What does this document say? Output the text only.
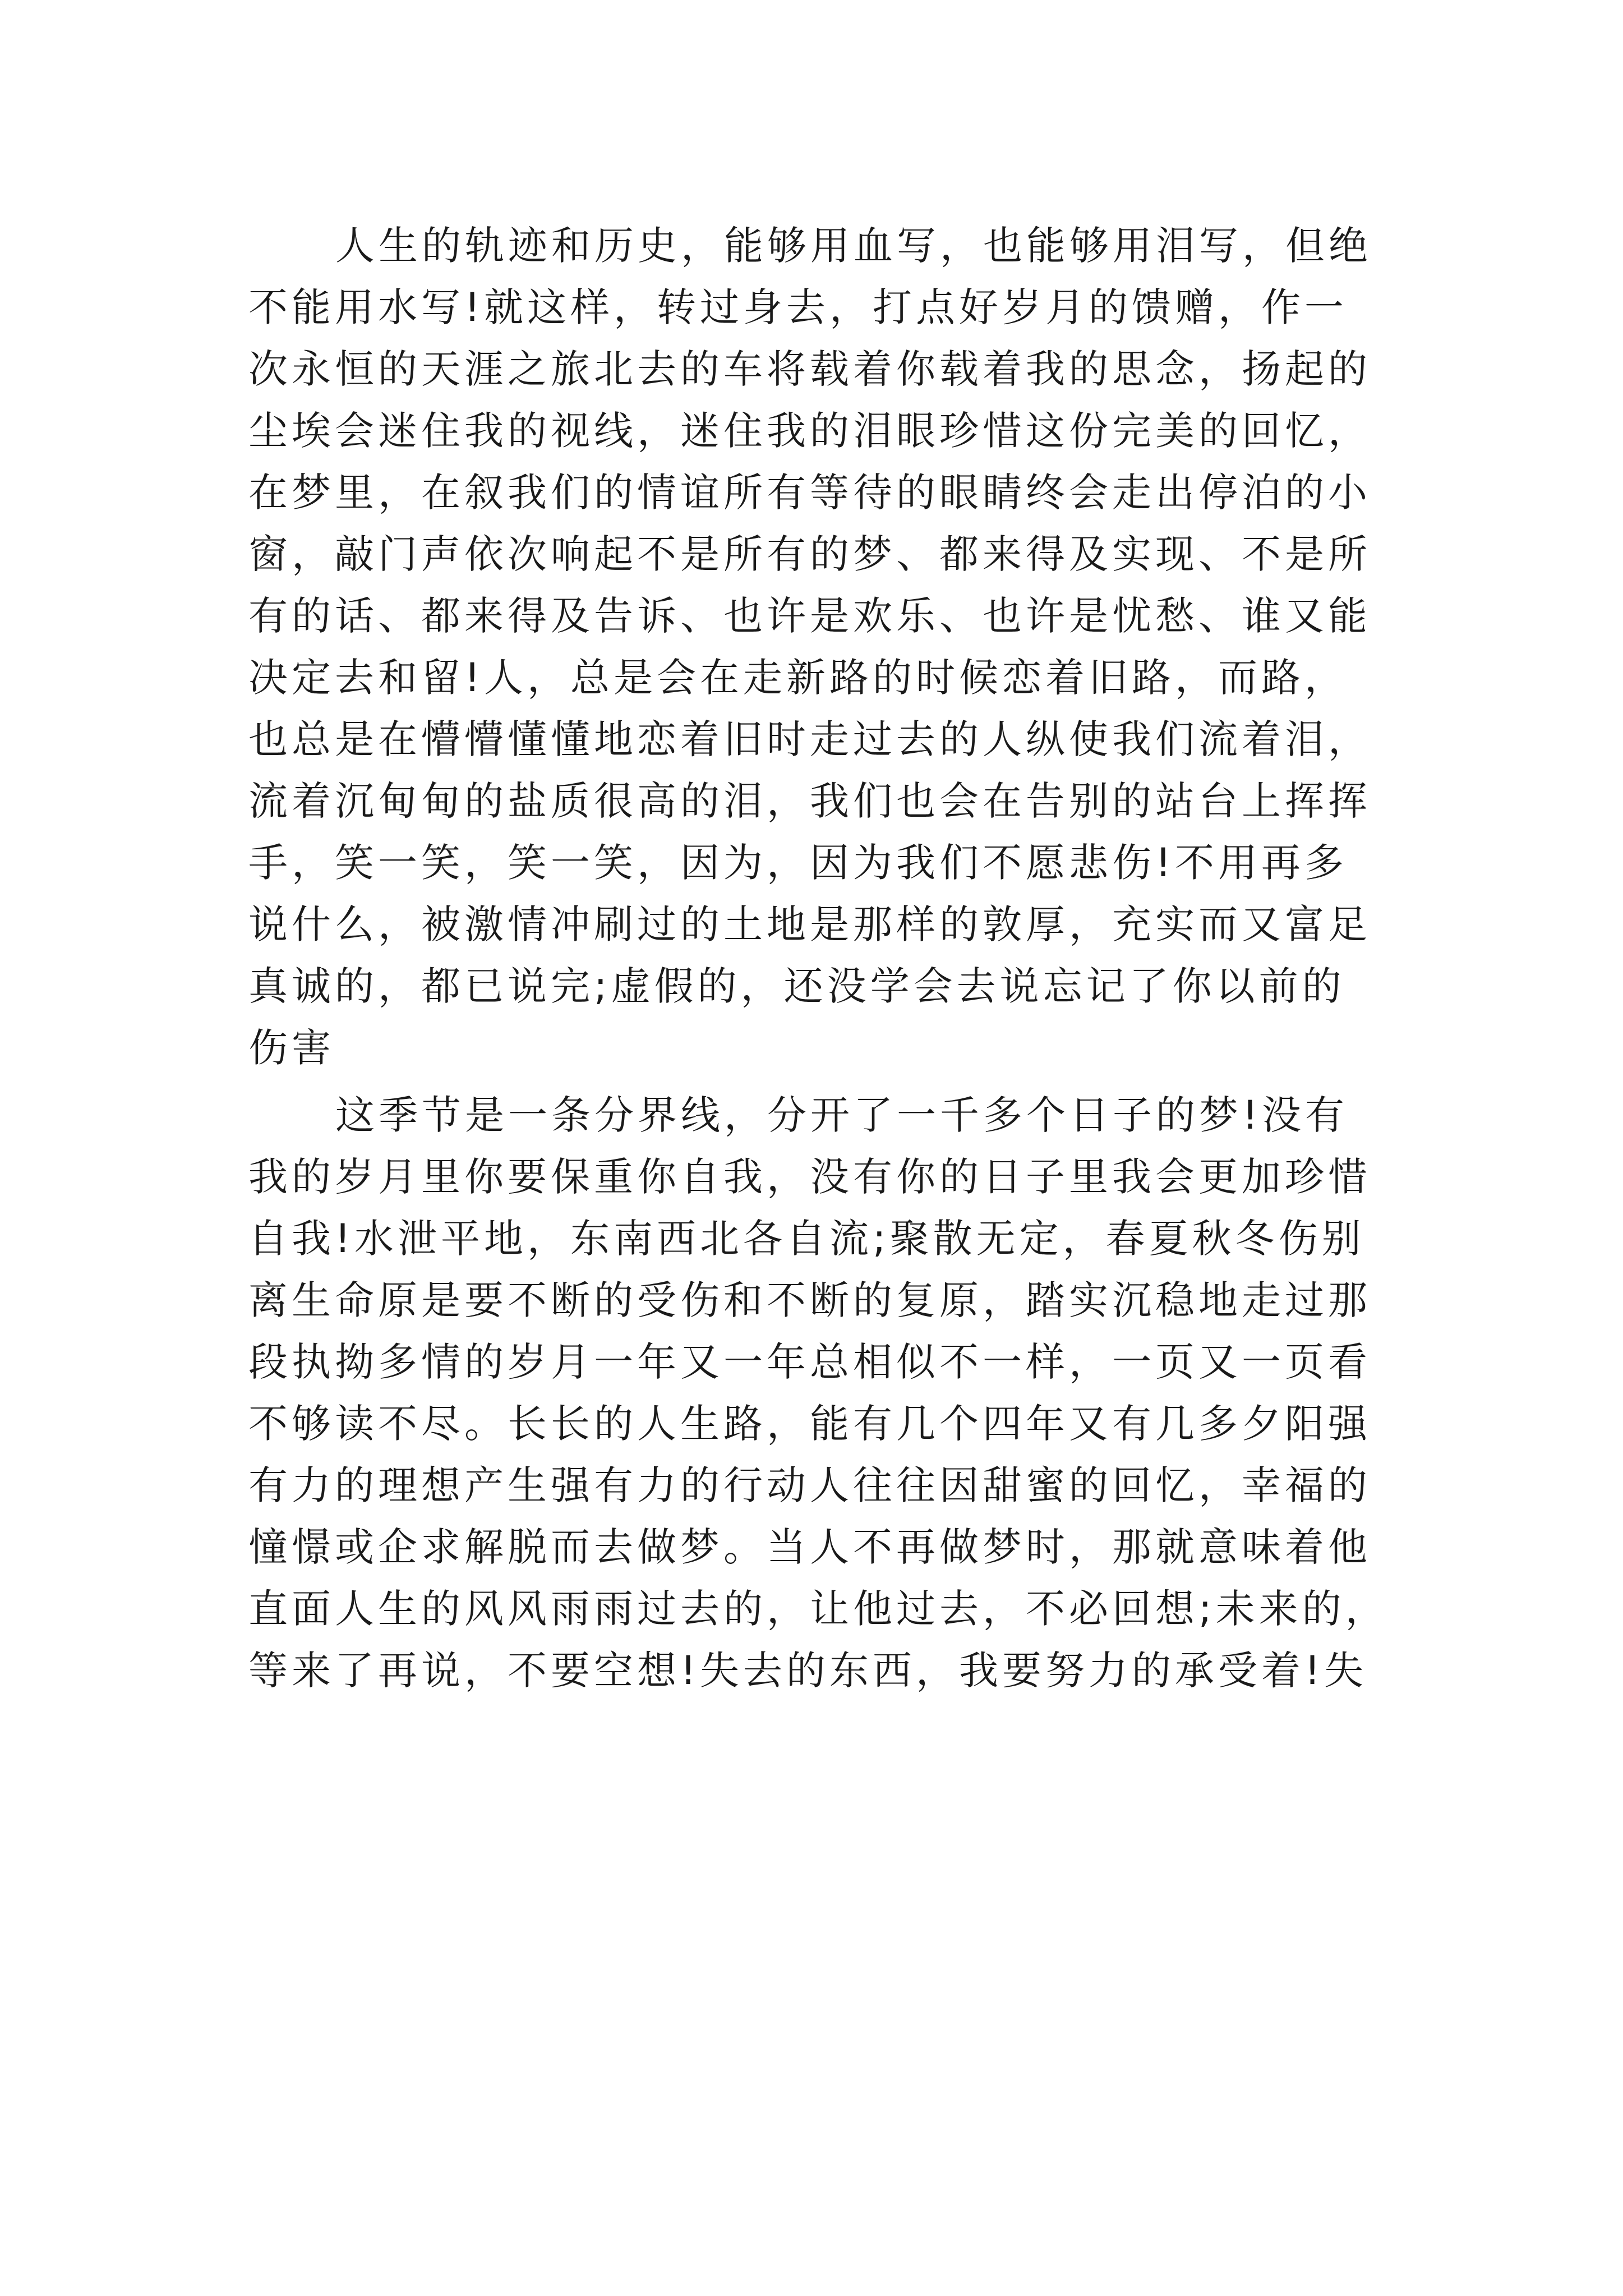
人生的轨迹和历史，能够用血写，也能够用泪写，但绝
不能用水写!就这样，转过身去，打点好岁月的馈赠，作一
次永恒的天涯之旅北去的车将载着你载着我的思念，扬起的
尘埃会迷住我的视线，迷住我的泪眼珍惜这份完美的回忆，
在梦里，在叙我们的情谊所有等待的眼睛终会走出停泊的小
窗，敲门声依次响起不是所有的梦、都来得及实现、不是所
有的话、都来得及告诉、也许是欢乐、也许是忧愁、谁又能
决定去和留!人，总是会在走新路的时候恋着旧路，而路，
也总是在懵懵懂懂地恋着旧时走过去的人纵使我们流着泪，
流着沉甸甸的盐质很高的泪，我们也会在告别的站台上挥挥
手，笑一笑，笑一笑，因为，因为我们不愿悲伤!不用再多
说什么，被激情冲刷过的土地是那样的敦厚，充实而又富足
真诚的，都已说完;虚假的，还没学会去说忘记了你以前的
伤害
这季节是一条分界线，分开了一千多个日子的梦!没有
我的岁月里你要保重你自我，没有你的日子里我会更加珍惜
自我!水泄平地，东南西北各自流;聚散无定，春夏秋冬伤别
离生命原是要不断的受伤和不断的复原，踏实沉稳地走过那
段执拗多情的岁月一年又一年总相似不一样，一页又一页看
不够读不尽。长长的人生路，能有几个四年又有几多夕阳强
有力的理想产生强有力的行动人往往因甜蜜的回忆，幸福的
憧憬或企求解脱而去做梦。当人不再做梦时，那就意味着他
直面人生的风风雨雨过去的，让他过去，不必回想;未来的，
等来了再说，不要空想!失去的东西，我要努力的承受着!失
